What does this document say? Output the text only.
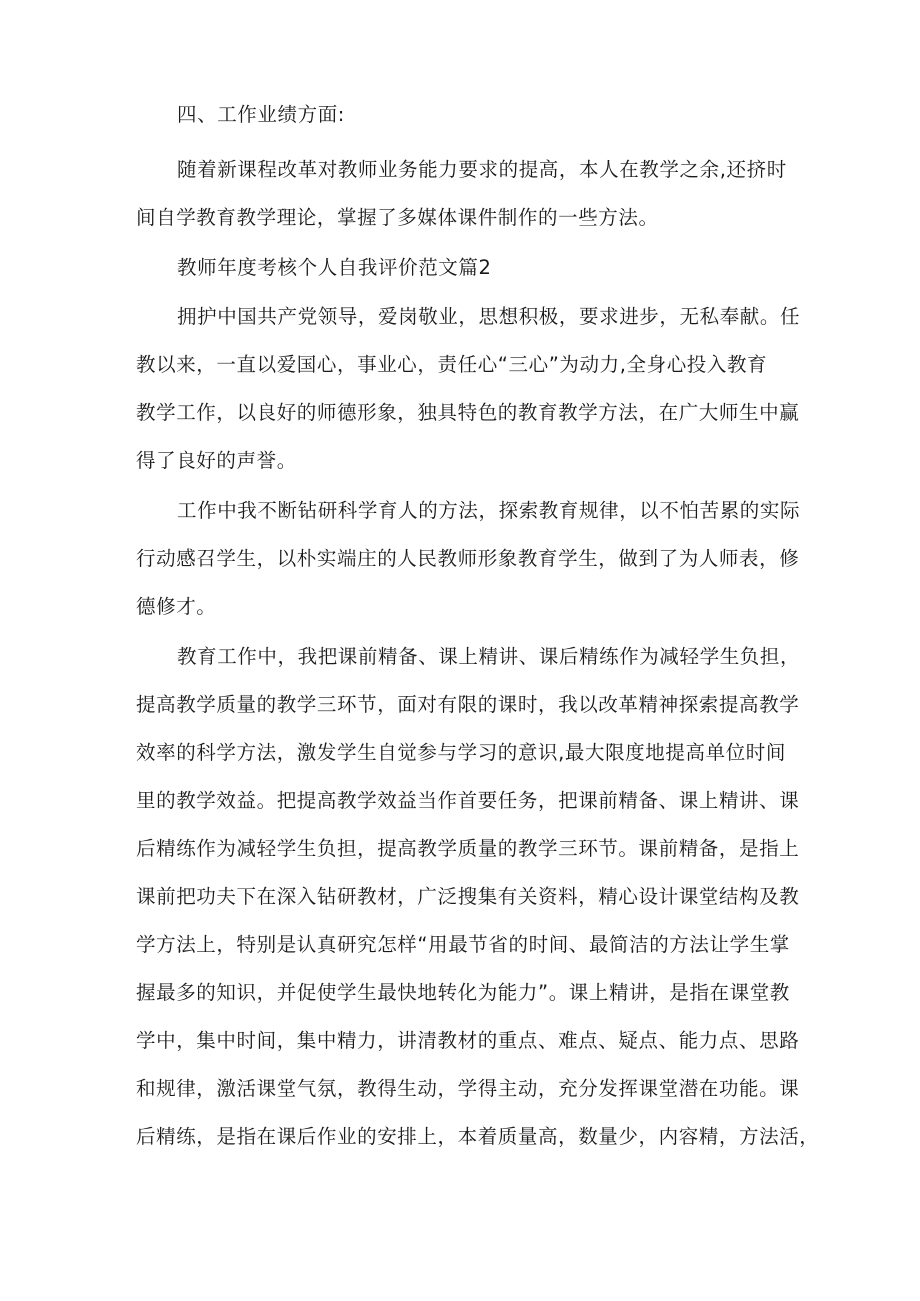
四、工作业绩方面:
随着新课程改革对教师业务能力要求的提高，本人在教学之余,还挤时
间自学教育教学理论，掌握了多媒体课件制作的一些方法。
教师年度考核个人自我评价范文篇2
拥护中国共产党领导，爱岗敬业，思想积极，要求进步，无私奉献。任
教以来，一直以爱国心，事业心，责任心“三心”为动力,全身心投入教育
教学工作，以良好的师德形象，独具特色的教育教学方法，在广大师生中赢
得了良好的声誉。
工作中我不断钻研科学育人的方法，探索教育规律，以不怕苦累的实际
行动感召学生，以朴实端庄的人民教师形象教育学生，做到了为人师表，修
德修才。
教育工作中，我把课前精备、课上精讲、课后精练作为减轻学生负担，
提高教学质量的教学三环节，面对有限的课时，我以改革精神探索提高教学
效率的科学方法，激发学生自觉参与学习的意识,最大限度地提高单位时间
里的教学效益。把提高教学效益当作首要任务，把课前精备、课上精讲、课
后精练作为减轻学生负担，提高教学质量的教学三环节。课前精备，是指上
课前把功夫下在深入钻研教材，广泛搜集有关资料，精心设计课堂结构及教
学方法上，特别是认真研究怎样“用最节省的时间、最简洁的方法让学生掌
握最多的知识，并促使学生最快地转化为能力”。课上精讲，是指在课堂教
学中，集中时间，集中精力，讲清教材的重点、难点、疑点、能力点、思路
和规律，激活课堂气氛，教得生动，学得主动，充分发挥课堂潜在功能。课
后精练，是指在课后作业的安排上，本着质量高，数量少，内容精，方法活，
